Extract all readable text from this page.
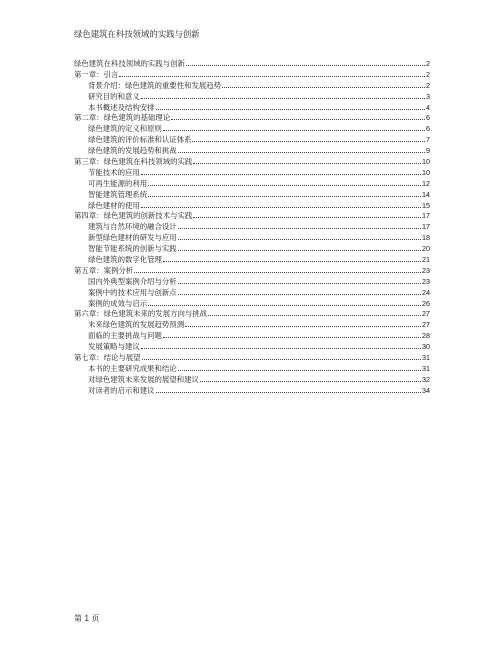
绿色建筑在科技领域的实践与创新
绿色建筑在科技领域的实践与创新	2
第一章：引言	2
背景介绍：绿色建筑的重要性和发展趋势	2
研究目的和意义	3
本书概述及结构安排	4
第二章：绿色建筑的基础理论	6
绿色建筑的定义和原则	6
绿色建筑的评价标准和认证体系	7
绿色建筑的发展趋势和挑战	9
第三章：绿色建筑在科技领域的实践	10
节能技术的应用	10
可再生能源的利用	12
智能建筑管理系统	14
绿色建材的使用	15
第四章：绿色建筑的创新技术与实践	17
建筑与自然环境的融合设计	17
新型绿色建材的研发与应用	18
智能节能系统的创新与实践	20
绿色建筑的数字化管理	21
第五章：案例分析	23
国内外典型案例介绍与分析	23
案例中的技术应用与创新点	24
案例的成效与启示	26
第六章：绿色建筑未来的发展方向与挑战	27
未来绿色建筑的发展趋势预测	27
面临的主要挑战与问题	28
发展策略与建议	30
第七章：结论与展望	31
本书的主要研究成果和结论	31
对绿色建筑未来发展的展望和建议	32
对读者的启示和建议	34
第 1 页
